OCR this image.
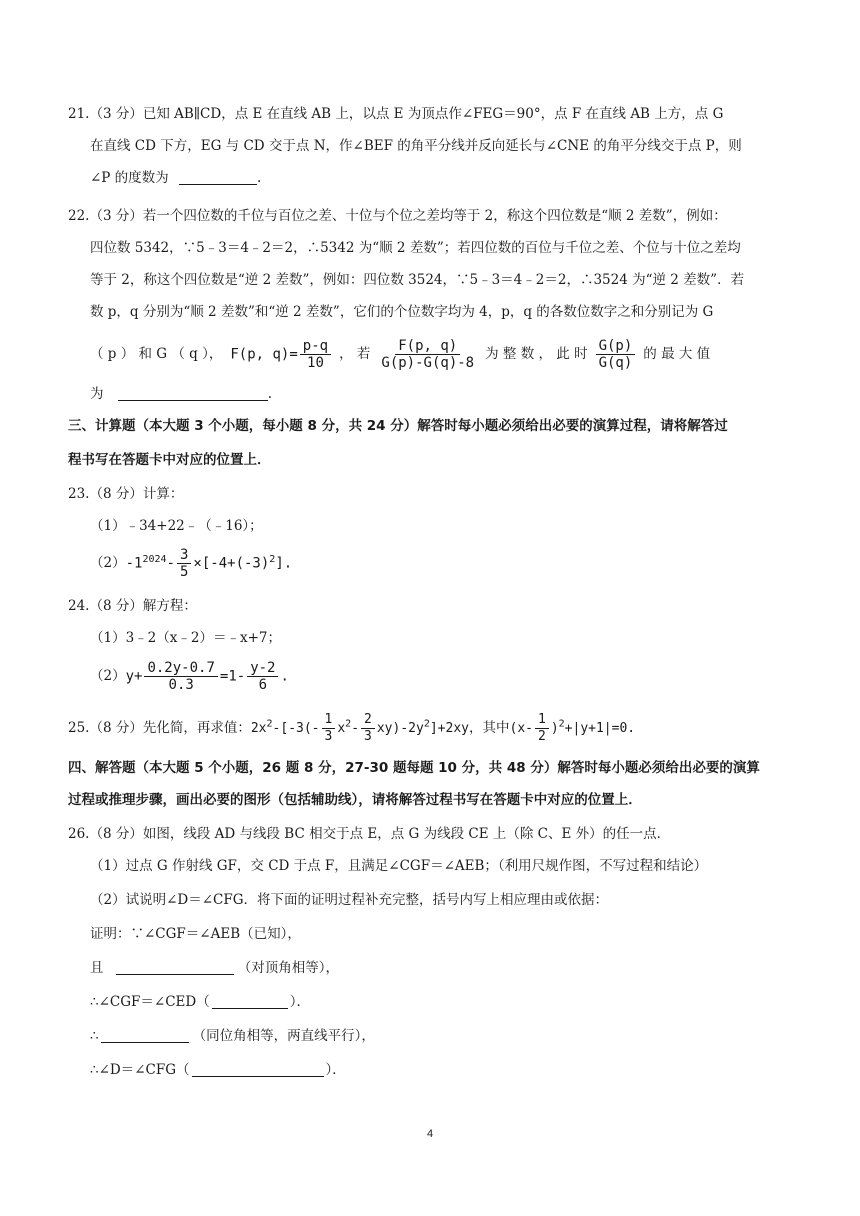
21.（3 分）已知 AB∥CD，点 E 在直线 AB 上，以点 E 为顶点作∠FEG＝90°，点 F 在直线 AB 上方，点 G
在直线 CD 下方，EG 与 CD 交于点 N，作∠BEF 的角平分线并反向延长与∠CNE 的角平分线交于点 P，则
∠P 的度数为	.
22.（3 分）若一个四位数的千位与百位之差、十位与个位之差均等于 2，称这个四位数是“顺 2 差数”，例如：
四位数 5342，∵5﹣3＝4﹣2＝2，∴5342 为“顺 2 差数”；若四位数的百位与千位之差、个位与十位之差均
等于 2，称这个四位数是“逆 2 差数”，例如：四位数 3524，∵5﹣3＝4﹣2＝2，∴3524 为“逆 2 差数”．若
数 p，q 分别为“顺 2 差数”和“逆 2 差数”，它们的个位数字均为 4，p，q 的各数位数字之和分别记为 G
（ p ） 和 G （ q ）， F(p, $q)= \frac{p-q}{10}$ ， 若 $\frac{F(p, q)}{G(p)-G(q)-8}$ 为 整 数 ， 此 时 $\frac{G(p)}{G(q)}$ 的 最 大 值
为	.
三、计算题（本大题 3 个小题，每小题 8 分，共 24 分）解答时每小题必须给出必要的演算过程，请将解答过
程书写在答题卡中对应的位置上．
23.（8 分）计算：
（1）﹣34+22﹣（﹣16）；
（2） $-1^{2024}- \frac{3}{5} \times[-4+(-3)^2]$.
24.（8 分）解方程：
（1）3﹣2（x﹣2）＝﹣x+7；
（2） $y+ \frac{0.2y-0.7}{0.3} =1- \frac{y-2}{6}$ .
25.（8 分）先化简，再求值： $2x^2-[-3(- \frac{1}{3} x^2- \frac{2}{3} xy)-2y^2]+2xy$ ，其中 $(x- \frac{1}{2} )^2+|y+1|=0$.
四、解答题（本大题 5 个小题，26 题 8 分，27-30 题每题 10 分，共 48 分）解答时每小题必须给出必要的演算
过程或推理步骤，画出必要的图形（包括辅助线），请将解答过程书写在答题卡中对应的位置上．
26.（8 分）如图，线段 AD 与线段 BC 相交于点 E，点 G 为线段 CE 上（除 C、E 外）的任一点．
（1）过点 G 作射线 GF，交 CD 于点 F，且满足∠CGF＝∠AEB；（利用尺规作图，不写过程和结论）
（2）试说明∠D＝∠CFG．将下面的证明过程补充完整，括号内写上相应理由或依据：
证明：∵∠CGF＝∠AEB（已知），
且	（对顶角相等），
∴∠CGF＝∠CED（	）．
∴	（同位角相等，两直线平行），
∴∠D＝∠CFG（	）．
4
